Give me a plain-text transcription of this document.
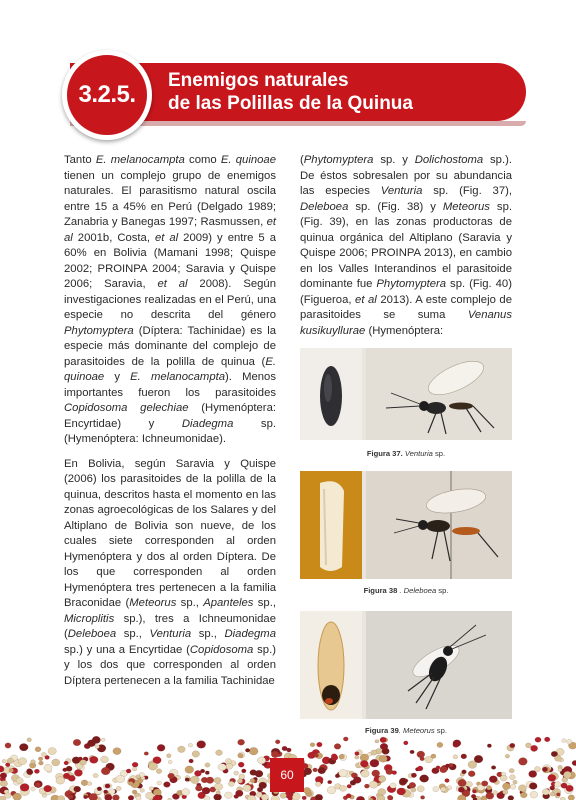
3.2.5.
Enemigos naturales
de las Polillas de la Quinua

Tanto E. melanocampta como E. quinoae tienen un complejo grupo de enemigos naturales. El parasitismo natural oscila entre 15 a 45% en Perú (Delgado 1989; Zanabria y Banegas 1997; Rasmussen, et al 2001b, Costa, et al 2009) y entre 5 a 60% en Bolivia (Mamani 1998; Quispe 2002; PROINPA 2004; Saravia y Quispe 2006; Saravia, et al 2008). Según investigaciones realizadas en el Perú, una especie no descrita del género Phytomyptera (Díptera: Tachinidae) es la especie más dominante del complejo de parasitoides de la polilla de quinua (E. quinoae y E. melanocampta). Menos importantes fueron los parasitoides Copidosoma gelechiae (Hymenóptera: Encyrtidae) y Diadegma sp. (Hymenóptera: Ichneumonidae).

En Bolivia, según Saravia y Quispe (2006) los parasitoides de la polilla de la quinua, descritos hasta el momento en las zonas agroecológicas de los Salares y del Altiplano de Bolivia son nueve, de los cuales siete corresponden al orden Hymenóptera y dos al orden Díptera. De los que corresponden al orden Hymenóptera tres pertenecen a la familia Braconidae (Meteorus sp., Apanteles sp., Microplitis sp.), tres a Ichneumonidae (Deleboea sp., Venturia sp., Diadegma sp.) y una a Encyrtidae (Copidosoma sp.) y los dos que corresponden al orden Díptera pertenecen a la familia Tachinidae

(Phytomyptera sp. y Dolichostoma sp.). De éstos sobresalen por su abundancia las especies Venturia sp. (Fig. 37), Deleboea sp. (Fig. 38) y Meteorus sp. (Fig. 39), en las zonas productoras de quinua orgánica del Altiplano (Saravia y Quispe 2006; PROINPA 2013), en cambio en los Valles Interandinos el parasitoide dominante fue Phytomyptera sp. (Fig. 40) (Figueroa, et al 2013). A este complejo de parasitoides se suma Venanus kusikuyllurae (Hymenóptera:

Figura 37. Venturia sp.
Figura 38 . Deleboea sp.
Figura 39. Meteorus sp.
60
